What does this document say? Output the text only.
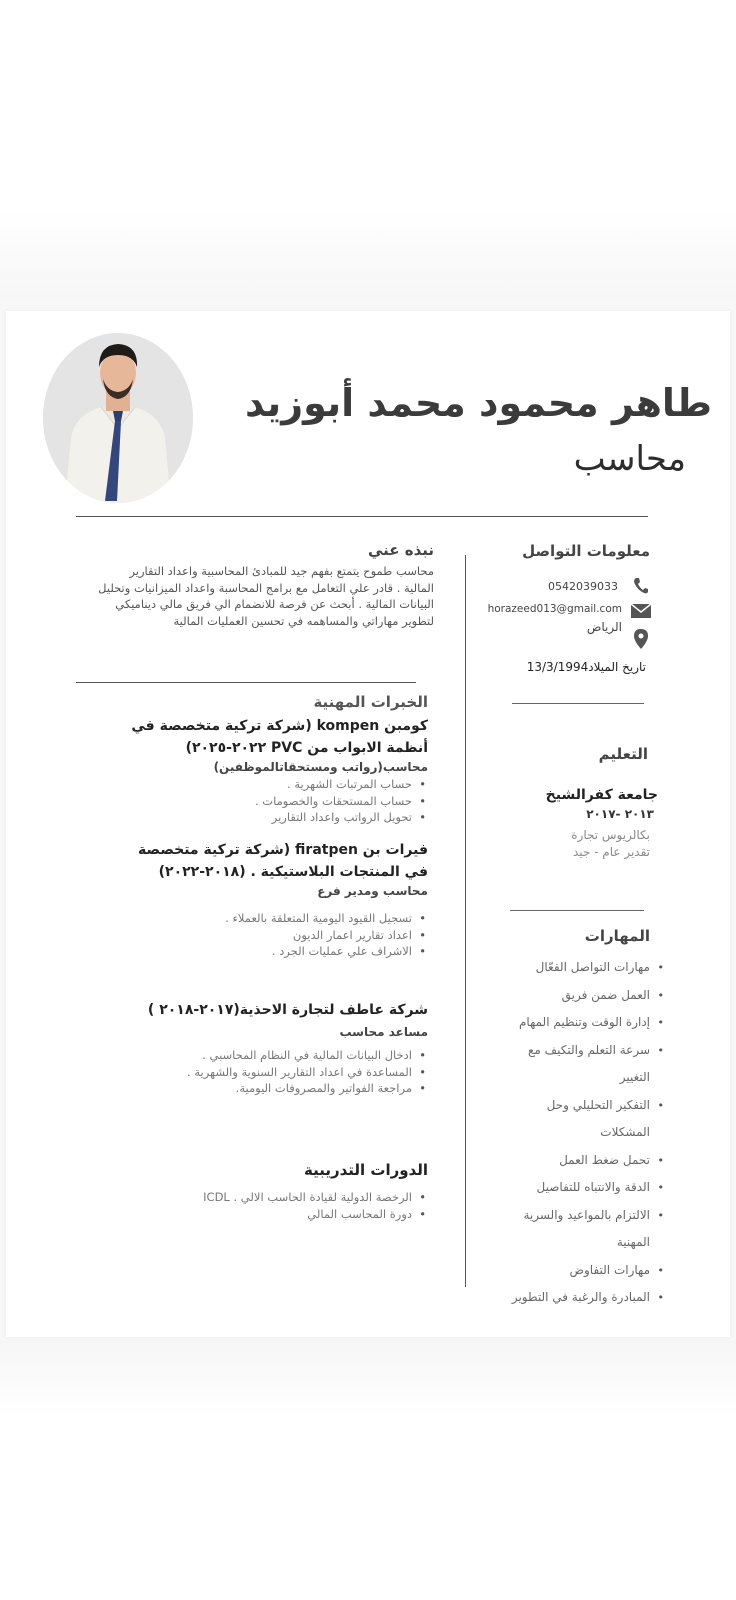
طاهر محمود محمد أبوزيد
محاسب
معلومات التواصل
0542039033
horazeed013@gmail.com
الرياض
تاريخ الميلاد13/3/1994
التعليم
جامعة كفرالشيخ
٢٠١٣ -٢٠١٧
بكالريوس تجارة
تقدير عام - جيد
المهارات
• مهارات التواصل الفعّال
• العمل ضمن فريق
• إدارة الوقت وتنظيم المهام
• سرعة التعلم والتكيف مع
التغيير
• التفكير التحليلي وحل
المشكلات
• تحمل ضغط العمل
• الدقة والانتباه للتفاصيل
• الالتزام بالمواعيد والسرية
المهنية
• مهارات التفاوض
• المبادرة والرغبة في التطوير
نبذه عني
محاسب طموح يتمتع بفهم جيد للمبادئ المحاسبية واعداد التقارير
المالية . قادر علي التعامل مع برامج المحاسبة واعداد الميزانيات وتحليل
البيانات المالية . أبحث عن فرصة للانضمام الي فريق مالي ديناميكي
لتطوير مهاراتي والمساهمه في تحسين العمليات المالية
الخبرات المهنية
كومبن kompen (شركة تركية متخصصة في
أنظمة الابواب من PVC ٢٠٢٢-٢٠٢٥)
محاسب(رواتب ومستحقاتالموظفين)
• حساب المرتبات الشهرية .
• حساب المستحقات والخصومات .
• تحويل الرواتب واعداد التقارير
فيرات بن firatpen (شركة تركية متخصصة
في المنتجات البلاستيكية . (٢٠١٨-٢٠٢٢)
محاسب ومدير فرع
• تسجيل القيود اليومية المتعلقة بالعملاء .
• اعداد تقارير اعمار الديون
• الاشراف علي عمليات الجرد .
شركة عاطف لتجارة الاحذية(٢٠١٧-٢٠١٨ )
مساعد محاسب
• ادخال البيانات المالية في النظام المحاسبي .
• المساعدة في اعداد التقارير السنوية والشهرية .
• مراجعة الفواتير والمصروفات اليومية.
الدورات التدريبية
• الرخصة الدولية لقيادة الحاسب الالي . ICDL
• دورة المحاسب المالي
